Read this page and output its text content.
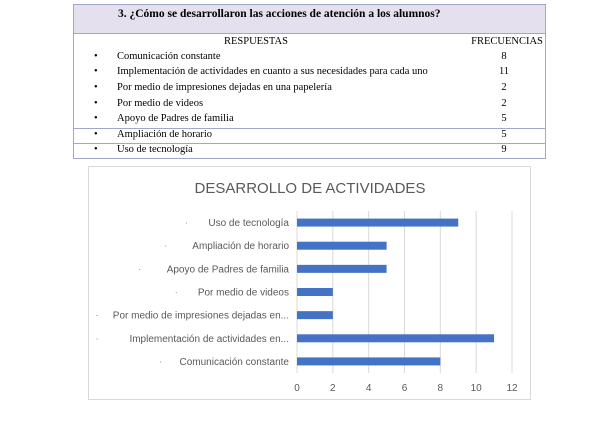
3. ¿Cómo se desarrollaron las acciones de atención a los alumnos?
RESPUESTAS	FRECUENCIAS
• Comunicación constante	8
• Implementación de actividades en cuanto a sus necesidades para cada uno	11
• Por medio de impresiones dejadas en una papelería	2
• Por medio de videos	2
• Apoyo de Padres de familia	5
• Ampliación de horario	5
• Uso de tecnología	9
DESARROLLO DE ACTIVIDADES
0	2	4	6	8	10 12
Comunicación constante
·
Implementación de actividades en...
·
Por medio de impresiones dejadas en...
·
Por medio de videos
·
Apoyo de Padres de familia
·
Ampliación de horario
·
Uso de tecnología
·
